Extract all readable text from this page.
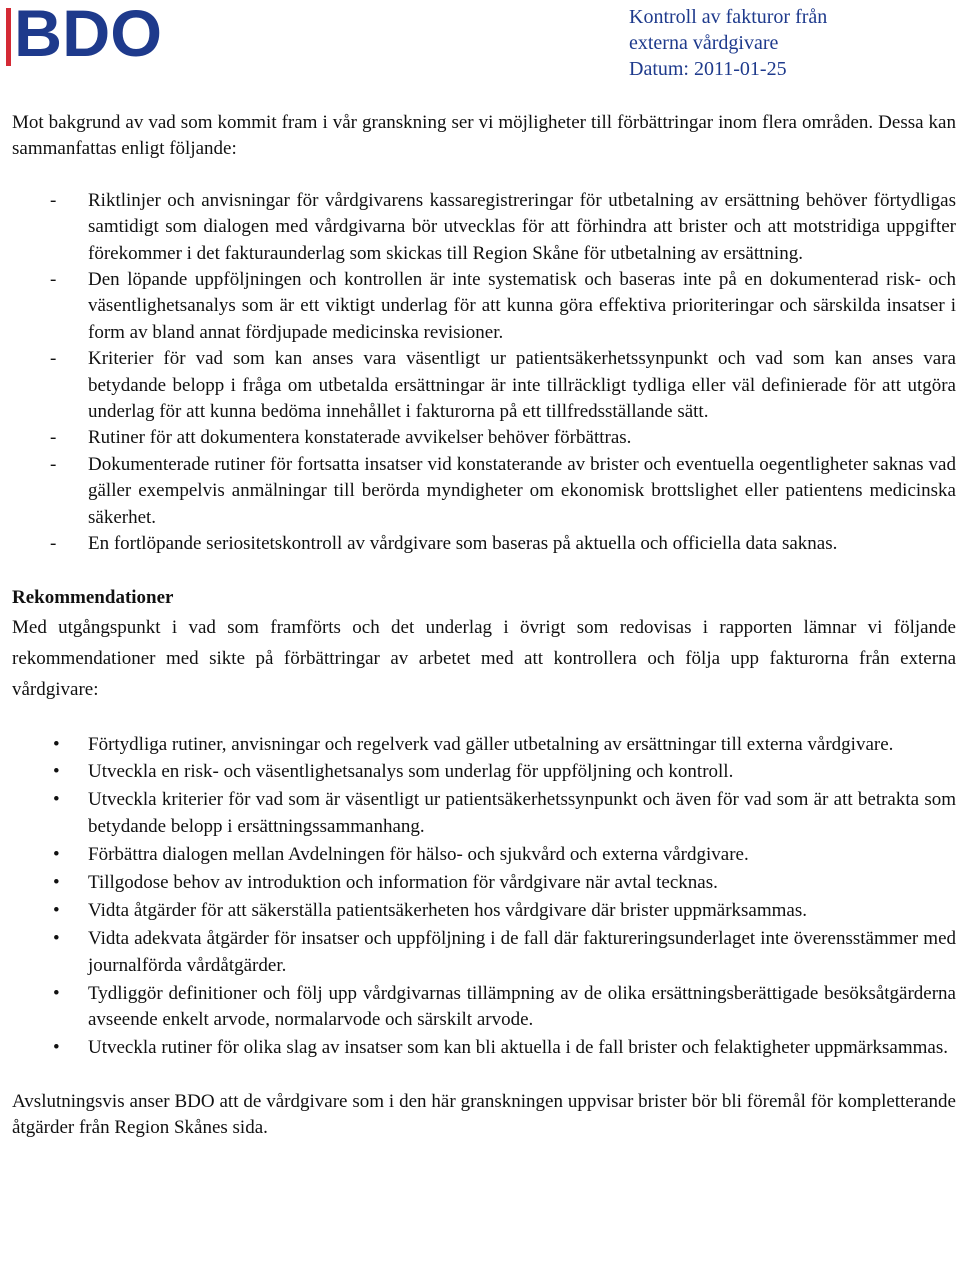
BDO	Kontroll av fakturor från
externa vårdgivare
Datum: 2011-01-25

Mot bakgrund av vad som kommit fram i vår granskning ser vi möjligheter till förbättringar inom flera områden. Dessa kan sammanfattas enligt följande:

- Riktlinjer och anvisningar för vårdgivarens kassaregistreringar för utbetalning av ersättning behöver förtydligas samtidigt som dialogen med vårdgivarna bör utvecklas för att förhindra att brister och att motstridiga uppgifter förekommer i det fakturaunderlag som skickas till Region Skåne för utbetalning av ersättning.
- Den löpande uppföljningen och kontrollen är inte systematisk och baseras inte på en dokumenterad risk- och väsentlighetsanalys som är ett viktigt underlag för att kunna göra effektiva prioriteringar och särskilda insatser i form av bland annat fördjupade medicinska revisioner.
- Kriterier för vad som kan anses vara väsentligt ur patientsäkerhetssynpunkt och vad som kan anses vara betydande belopp i fråga om utbetalda ersättningar är inte tillräckligt tydliga eller väl definierade för att utgöra underlag för att kunna bedöma innehållet i fakturorna på ett tillfredsställande sätt.
- Rutiner för att dokumentera konstaterade avvikelser behöver förbättras.
- Dokumenterade rutiner för fortsatta insatser vid konstaterande av brister och eventuella oegentligheter saknas vad gäller exempelvis anmälningar till berörda myndigheter om ekonomisk brottslighet eller patientens medicinska säkerhet.
- En fortlöpande seriositetskontroll av vårdgivare som baseras på aktuella och officiella data saknas.

Rekommendationer

Med utgångspunkt i vad som framförts och det underlag i övrigt som redovisas i rapporten lämnar vi följande rekommendationer med sikte på förbättringar av arbetet med att kontrollera och följa upp fakturorna från externa vårdgivare:

• Förtydliga rutiner, anvisningar och regelverk vad gäller utbetalning av ersättningar till externa vårdgivare.
• Utveckla en risk- och väsentlighetsanalys som underlag för uppföljning och kontroll.
• Utveckla kriterier för vad som är väsentligt ur patientsäkerhetssynpunkt och även för vad som är att betrakta som betydande belopp i ersättningssammanhang.
• Förbättra dialogen mellan Avdelningen för hälso- och sjukvård och externa vårdgivare.
• Tillgodose behov av introduktion och information för vårdgivare när avtal tecknas.
• Vidta åtgärder för att säkerställa patientsäkerheten hos vårdgivare där brister uppmärksammas.
• Vidta adekvata åtgärder för insatser och uppföljning i de fall där faktureringsunderlaget inte överensstämmer med journalförda vårdåtgärder.
• Tydliggör definitioner och följ upp vårdgivarnas tillämpning av de olika ersättningsberättigade besöksåtgärderna avseende enkelt arvode, normalarvode och särskilt arvode.
• Utveckla rutiner för olika slag av insatser som kan bli aktuella i de fall brister och felaktigheter uppmärksammas.

Avslutningsvis anser BDO att de vårdgivare som i den här granskningen uppvisar brister bör bli föremål för kompletterande åtgärder från Region Skånes sida.
